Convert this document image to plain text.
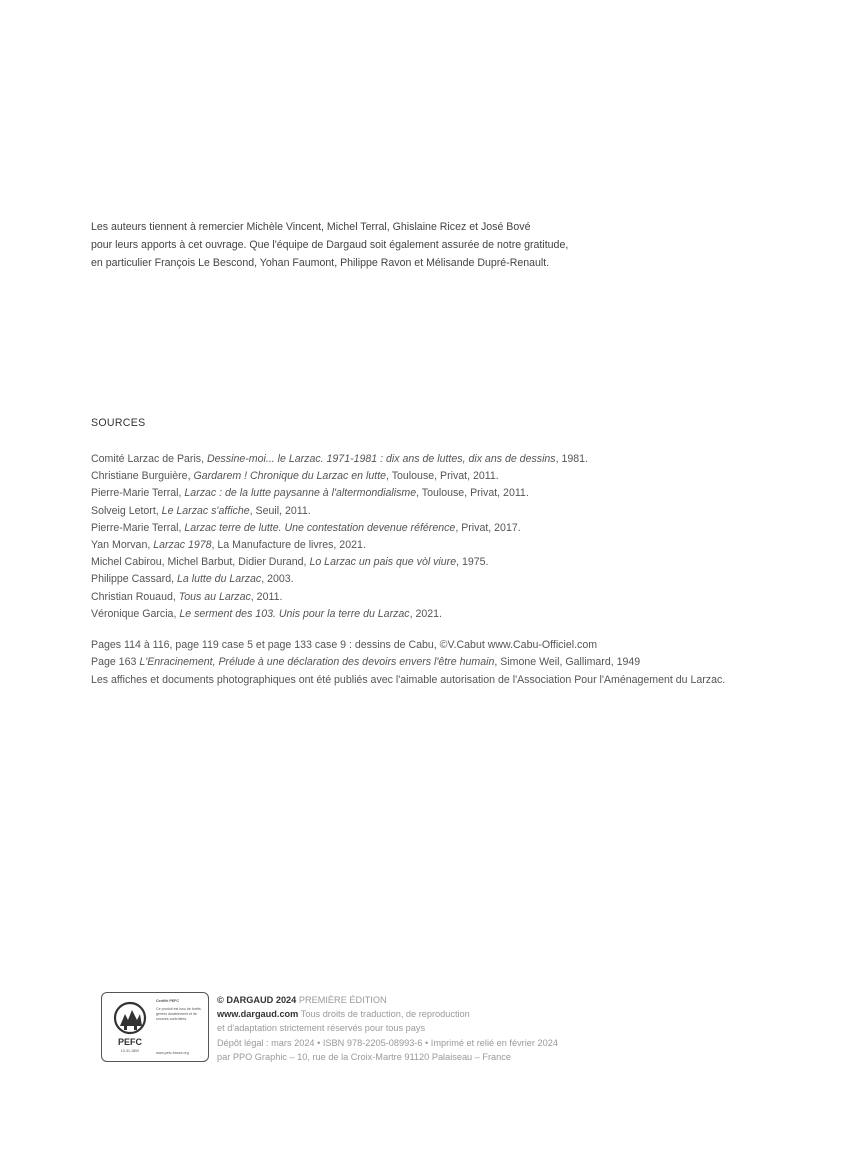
Les auteurs tiennent à remercier Michèle Vincent, Michel Terral, Ghislaine Ricez et José Bové
pour leurs apports à cet ouvrage. Que l'équipe de Dargaud soit également assurée de notre gratitude,
en particulier François Le Bescond, Yohan Faumont, Philippe Ravon et Mélisande Dupré-Renault.
SOURCES
Comité Larzac de Paris, Dessine-moi... le Larzac. 1971-1981 : dix ans de luttes, dix ans de dessins, 1981.
Christiane Burguière, Gardarem ! Chronique du Larzac en lutte, Toulouse, Privat, 2011.
Pierre-Marie Terral, Larzac : de la lutte paysanne à l'altermondialisme, Toulouse, Privat, 2011.
Solveig Letort, Le Larzac s'affiche, Seuil, 2011.
Pierre-Marie Terral, Larzac terre de lutte. Une contestation devenue référence, Privat, 2017.
Yan Morvan, Larzac 1978, La Manufacture de livres, 2021.
Michel Cabirou, Michel Barbut, Didier Durand, Lo Larzac un pais que vòl viure, 1975.
Philippe Cassard, La lutte du Larzac, 2003.
Christian Rouaud, Tous au Larzac, 2011.
Véronique Garcia, Le serment des 103. Unis pour la terre du Larzac, 2021.
Pages 114 à 116, page 119 case 5 et page 133 case 9 : dessins de Cabu, ©V.Cabut www.Cabu-Officiel.com
Page 163 L'Enracinement, Prélude à une déclaration des devoirs envers l'être humain, Simone Weil, Gallimard, 1949
Les affiches et documents photographiques ont été publiés avec l'aimable autorisation de l'Association Pour l'Aménagement du Larzac.
PEFC
10-31-1800
Certifié PEFC
Ce produit est issu de forêts gérées durablement et de sources contrôlées.
www.pefc-france.org
© DARGAUD 2024 PREMIÈRE ÉDITION
www.dargaud.com Tous droits de traduction, de reproduction
et d'adaptation strictement réservés pour tous pays
Dépôt légal : mars 2024 • ISBN 978-2205-08993-6 • Imprimé et relié en février 2024
par PPO Graphic – 10, rue de la Croix-Martre 91120 Palaiseau – France
